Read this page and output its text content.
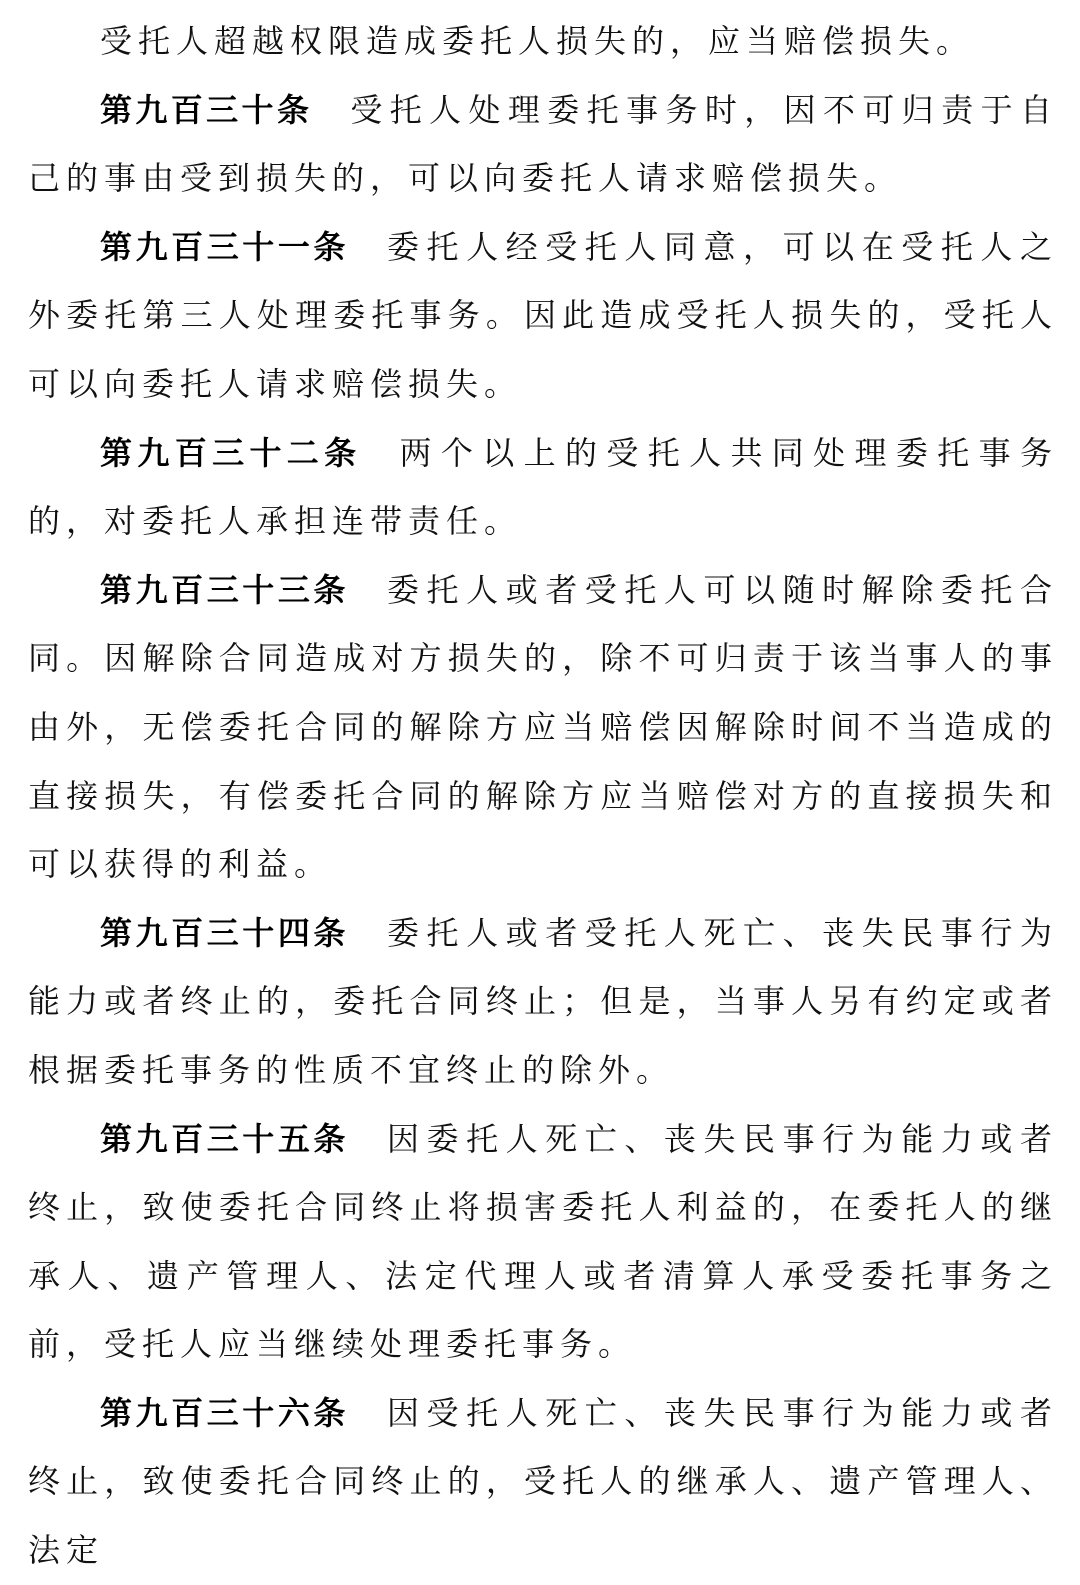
受托人超越权限造成委托人损失的，应当赔偿损失。

第九百三十条 受托人处理委托事务时，因不可归责于自己的事由受到损失的，可以向委托人请求赔偿损失。

第九百三十一条 委托人经受托人同意，可以在受托人之外委托第三人处理委托事务。因此造成受托人损失的，受托人可以向委托人请求赔偿损失。

第九百三十二条 两个以上的受托人共同处理委托事务的，对委托人承担连带责任。

第九百三十三条 委托人或者受托人可以随时解除委托合同。因解除合同造成对方损失的，除不可归责于该当事人的事由外，无偿委托合同的解除方应当赔偿因解除时间不当造成的直接损失，有偿委托合同的解除方应当赔偿对方的直接损失和可以获得的利益。

第九百三十四条 委托人或者受托人死亡、丧失民事行为能力或者终止的，委托合同终止；但是，当事人另有约定或者根据委托事务的性质不宜终止的除外。

第九百三十五条 因委托人死亡、丧失民事行为能力或者终止，致使委托合同终止将损害委托人利益的，在委托人的继承人、遗产管理人、法定代理人或者清算人承受委托事务之前，受托人应当继续处理委托事务。

第九百三十六条 因受托人死亡、丧失民事行为能力或者终止，致使委托合同终止的，受托人的继承人、遗产管理人、法定
